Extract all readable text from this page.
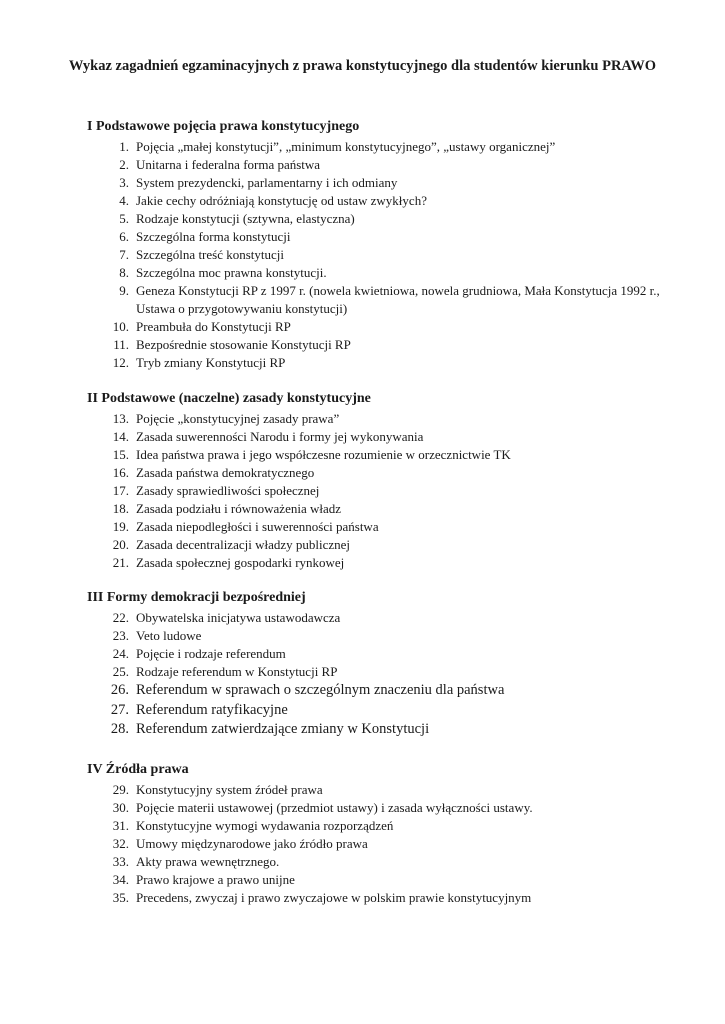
Wykaz zagadnień egzaminacyjnych z prawa konstytucyjnego dla studentów kierunku PRAWO
I Podstawowe pojęcia prawa konstytucyjnego
1. Pojęcia „małej konstytucji”, „minimum konstytucyjnego”, „ustawy organicznej”
2. Unitarna i federalna forma państwa
3. System prezydencki, parlamentarny i ich odmiany
4. Jakie cechy odróżniają konstytucję od ustaw zwykłych?
5. Rodzaje konstytucji (sztywna, elastyczna)
6. Szczególna forma konstytucji
7. Szczególna treść konstytucji
8. Szczególna moc prawna konstytucji.
9. Geneza Konstytucji RP z 1997 r. (nowela kwietniowa, nowela grudniowa, Mała Konstytucja 1992 r., Ustawa o przygotowywaniu konstytucji)
10. Preambuła do Konstytucji RP
11. Bezpośrednie stosowanie Konstytucji RP
12. Tryb zmiany Konstytucji RP
II Podstawowe (naczelne) zasady konstytucyjne
13. Pojęcie „konstytucyjnej zasady prawa”
14. Zasada suwerenności Narodu i formy jej wykonywania
15. Idea państwa prawa i jego współczesne rozumienie w orzecznictwie TK
16. Zasada państwa demokratycznego
17. Zasady sprawiedliwości społecznej
18. Zasada podziału i równoważenia władz
19. Zasada niepodległości i suwerenności państwa
20. Zasada decentralizacji władzy publicznej
21. Zasada społecznej gospodarki rynkowej
III Formy demokracji bezpośredniej
22. Obywatelska inicjatywa ustawodawcza
23. Veto ludowe
24. Pojęcie i rodzaje referendum
25. Rodzaje referendum w Konstytucji RP
26. Referendum w sprawach o szczególnym znaczeniu dla państwa
27. Referendum ratyfikacyjne
28. Referendum zatwierdzające zmiany w Konstytucji
IV Źródła prawa
29. Konstytucyjny system źródeł prawa
30. Pojęcie materii ustawowej (przedmiot ustawy) i zasada wyłączności ustawy.
31. Konstytucyjne wymogi wydawania rozporządzeń
32. Umowy międzynarodowe jako źródło prawa
33. Akty prawa wewnętrznego.
34. Prawo krajowe a prawo unijne
35. Precedens, zwyczaj i prawo zwyczajowe w polskim prawie konstytucyjnym
